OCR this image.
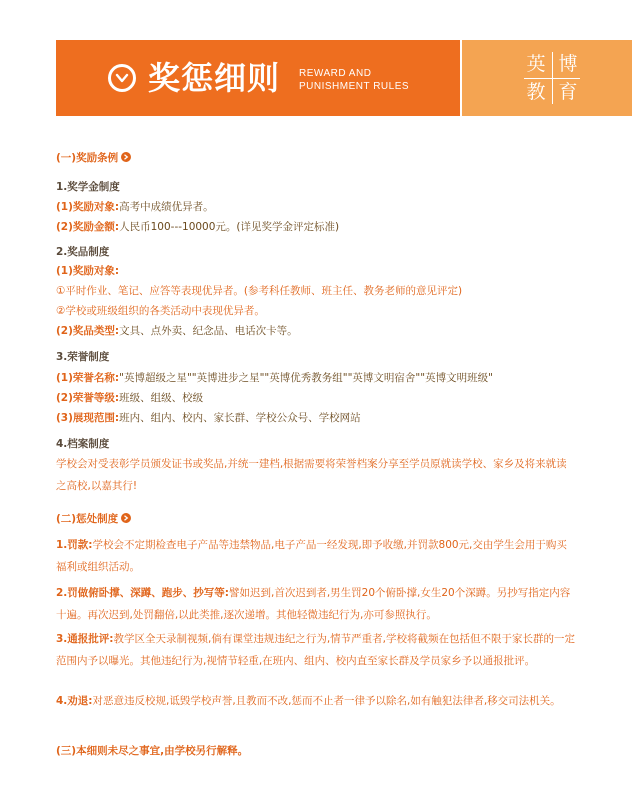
奖惩细则 REWARD AND
PUNISHMENT RULES
英 博
教 育
(一)奖励条例
1.奖学金制度
(1)奖励对象:高考中成绩优异者。
(2)奖励金额:人民币100---10000元。(详见奖学金评定标准)
2.奖品制度
(1)奖励对象:
①平时作业、笔记、应答等表现优异者。(参考科任教师、班主任、教务老师的意见评定)
②学校或班级组织的各类活动中表现优异者。
(2)奖品类型:文具、点外卖、纪念品、电话次卡等。
3.荣誉制度
(1)荣誉名称:"英博超级之星""英博进步之星""英博优秀教务组""英博文明宿舍""英博文明班级"
(2)荣誉等级:班级、组级、校级
(3)展现范围:班内、组内、校内、家长群、学校公众号、学校网站
4.档案制度
学校会对受表彰学员颁发证书或奖品,并统一建档,根据需要将荣誉档案分享至学员原就读学校、家乡及将来就读之高校,以嘉其行!
(二)惩处制度
1.罚款:学校会不定期检查电子产品等违禁物品,电子产品一经发现,即予收缴,并罚款800元,交由学生会用于购买福利或组织活动。
2.罚做俯卧撑、深蹲、跑步、抄写等:譬如迟到,首次迟到者,男生罚20个俯卧撑,女生20个深蹲。另抄写指定内容十遍。再次迟到,处罚翻倍,以此类推,逐次递增。其他轻微违纪行为,亦可参照执行。
3.通报批评:教学区全天录制视频,倘有课堂违规违纪之行为,情节严重者,学校将截频在包括但不限于家长群的一定范围内予以曝光。其他违纪行为,视情节轻重,在班内、组内、校内直至家长群及学员家乡予以通报批评。
4.劝退:对恶意违反校规,诋毁学校声誉,且教而不改,惩而不止者一律予以除名,如有触犯法律者,移交司法机关。
(三)本细则未尽之事宜,由学校另行解释。
